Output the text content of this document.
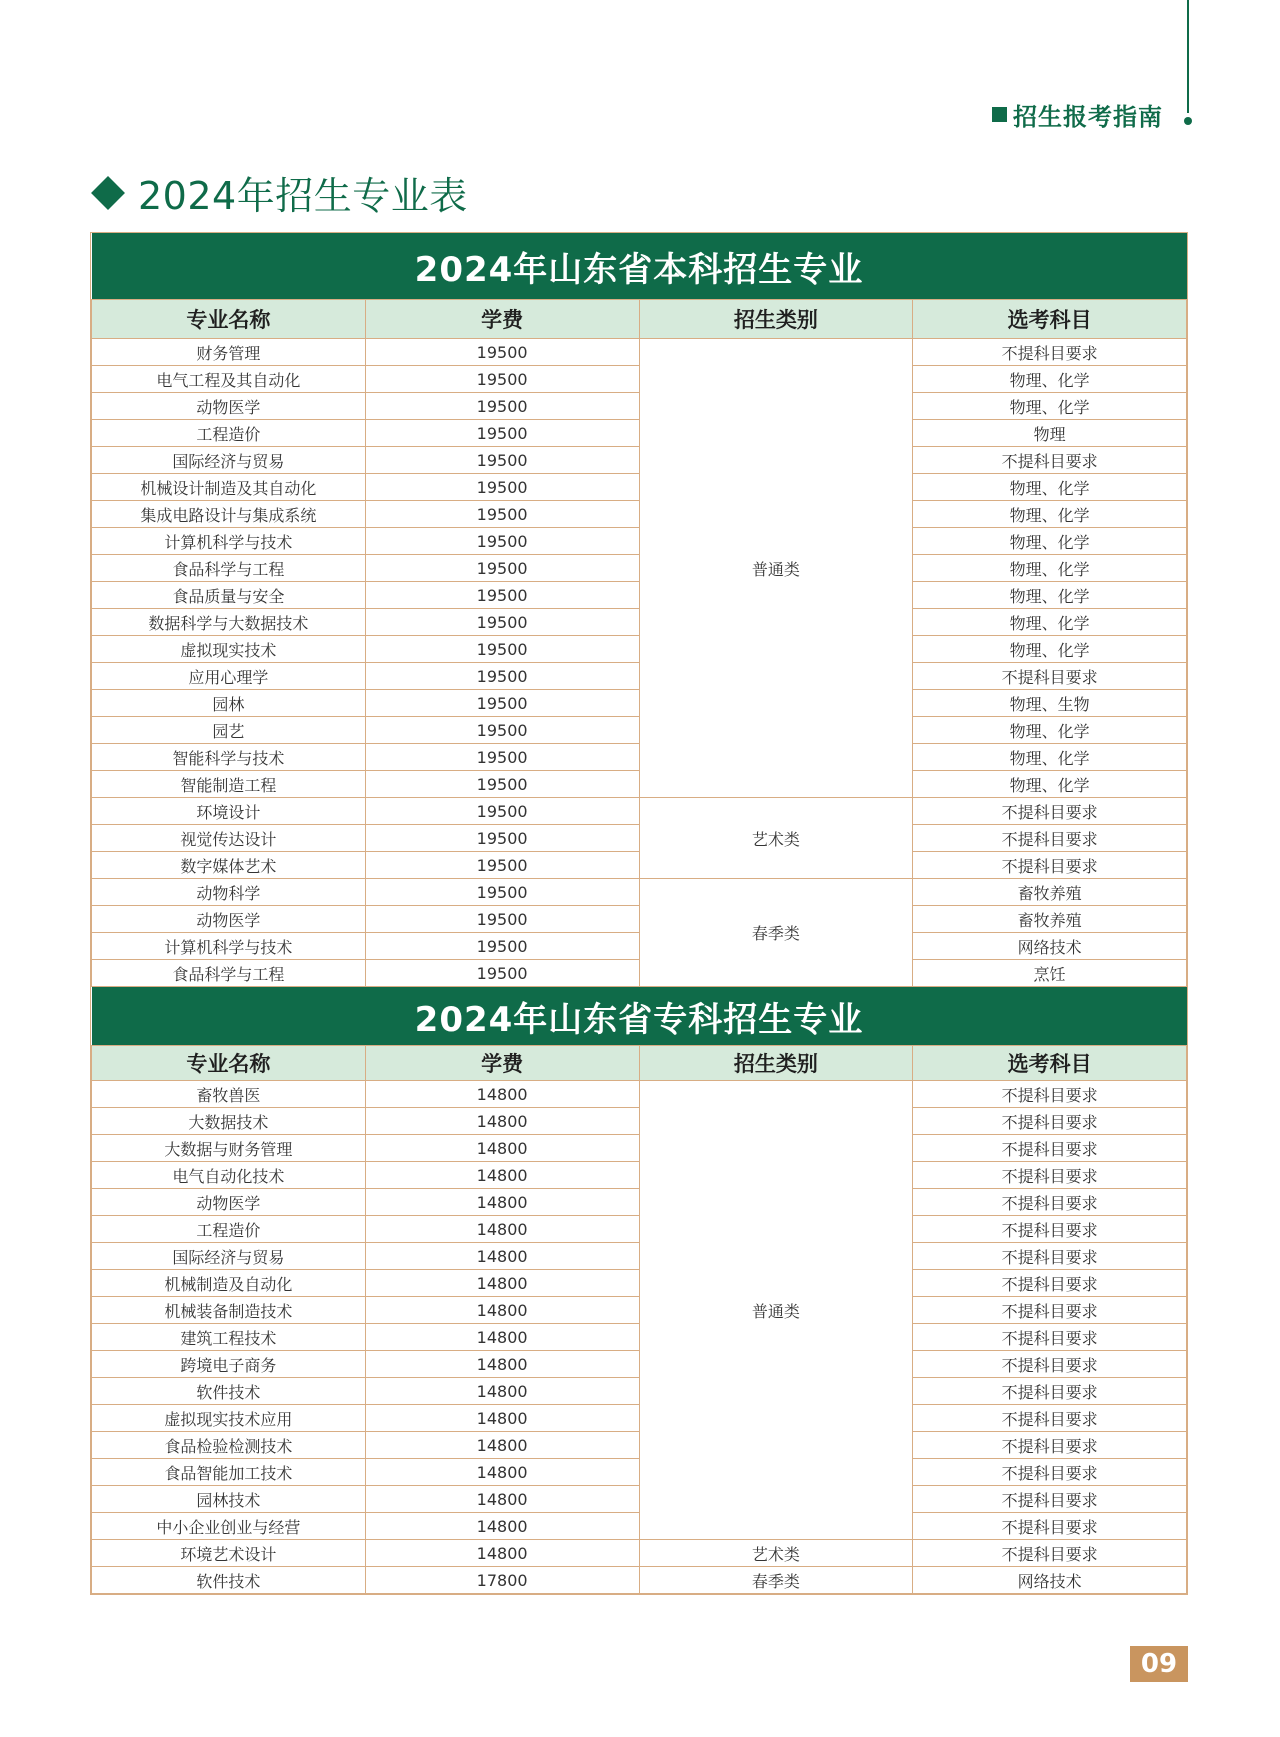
招生报考指南
2024年招生专业表
2024年山东省本科招生专业			
专业名称	学费	招生类别	选考科目
财务管理	19500	普通类	不提科目要求
电气工程及其自动化	19500		物理、化学
动物医学	19500		物理、化学
工程造价	19500		物理
国际经济与贸易	19500		不提科目要求
机械设计制造及其自动化	19500		物理、化学
集成电路设计与集成系统	19500		物理、化学
计算机科学与技术	19500		物理、化学
食品科学与工程	19500		物理、化学
食品质量与安全	19500		物理、化学
数据科学与大数据技术	19500		物理、化学
虚拟现实技术	19500		物理、化学
应用心理学	19500		不提科目要求
园林	19500		物理、生物
园艺	19500		物理、化学
智能科学与技术	19500		物理、化学
智能制造工程	19500		物理、化学
环境设计	19500	艺术类	不提科目要求
视觉传达设计	19500		不提科目要求
数字媒体艺术	19500		不提科目要求
动物科学	19500	春季类	畜牧养殖
动物医学	19500		畜牧养殖
计算机科学与技术	19500		网络技术
食品科学与工程	19500		烹饪
2024年山东省专科招生专业			
专业名称	学费	招生类别	选考科目
畜牧兽医	14800	普通类	不提科目要求
大数据技术	14800		不提科目要求
大数据与财务管理	14800		不提科目要求
电气自动化技术	14800		不提科目要求
动物医学	14800		不提科目要求
工程造价	14800		不提科目要求
国际经济与贸易	14800		不提科目要求
机械制造及自动化	14800		不提科目要求
机械装备制造技术	14800		不提科目要求
建筑工程技术	14800		不提科目要求
跨境电子商务	14800		不提科目要求
软件技术	14800		不提科目要求
虚拟现实技术应用	14800		不提科目要求
食品检验检测技术	14800		不提科目要求
食品智能加工技术	14800		不提科目要求
园林技术	14800		不提科目要求
中小企业创业与经营	14800		不提科目要求
环境艺术设计	14800	艺术类	不提科目要求
软件技术	17800	春季类	网络技术
09
